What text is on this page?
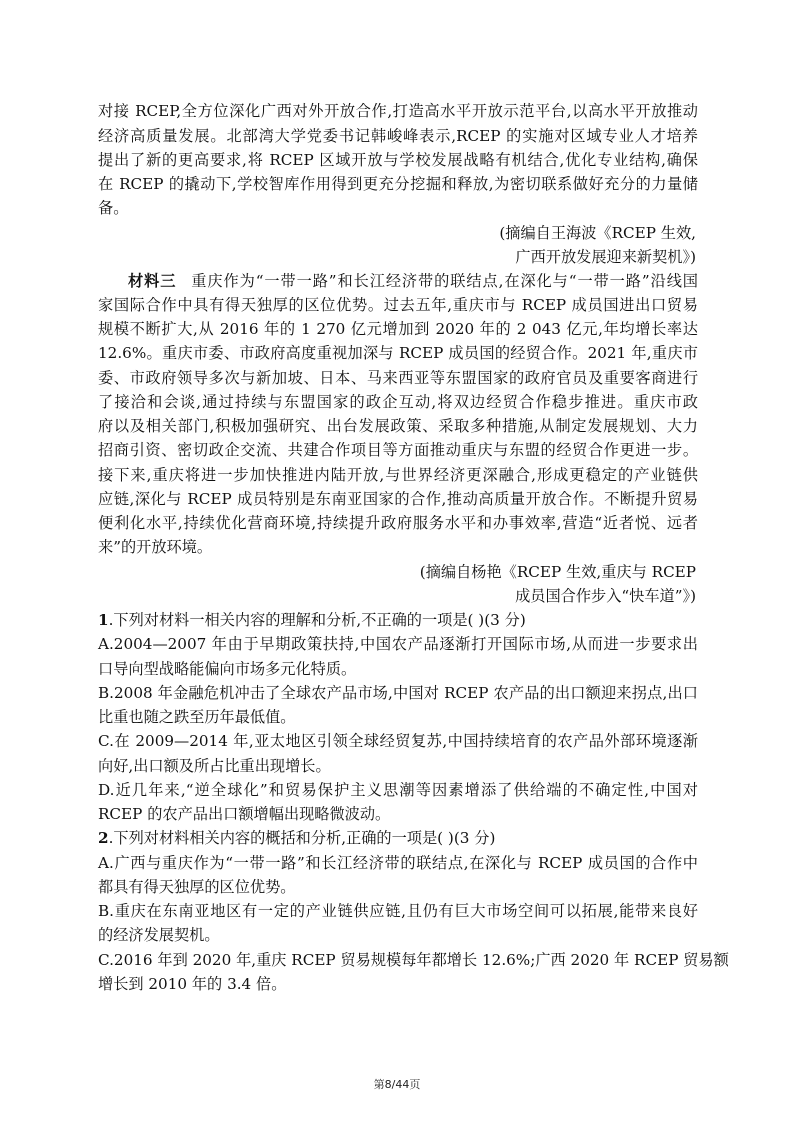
对接 RCEP,全方位深化广西对外开放合作,打造高水平开放示范平台,以高水平开放推动
经济高质量发展。北部湾大学党委书记韩峻峰表示,RCEP 的实施对区域专业人才培养
提出了新的更高要求,将 RCEP 区域开放与学校发展战略有机结合,优化专业结构,确保
在 RCEP 的撬动下,学校智库作用得到更充分挖掘和释放,为密切联系做好充分的力量储
备。
(摘编自王海波《RCEP 生效,
广西开放发展迎来新契机》)
材料三 重庆作为“一带一路”和长江经济带的联结点,在深化与“一带一路”沿线国
家国际合作中具有得天独厚的区位优势。过去五年,重庆市与 RCEP 成员国进出口贸易
规模不断扩大,从 2016 年的 1 270 亿元增加到 2020 年的 2 043 亿元,年均增长率达
12.6%。重庆市委、市政府高度重视加深与 RCEP 成员国的经贸合作。2021 年,重庆市
委、市政府领导多次与新加坡、日本、马来西亚等东盟国家的政府官员及重要客商进行
了接洽和会谈,通过持续与东盟国家的政企互动,将双边经贸合作稳步推进。重庆市政
府以及相关部门,积极加强研究、出台发展政策、采取多种措施,从制定发展规划、大力
招商引资、密切政企交流、共建合作项目等方面推动重庆与东盟的经贸合作更进一步。
接下来,重庆将进一步加快推进内陆开放,与世界经济更深融合,形成更稳定的产业链供
应链,深化与 RCEP 成员特别是东南亚国家的合作,推动高质量开放合作。不断提升贸易
便利化水平,持续优化营商环境,持续提升政府服务水平和办事效率,营造“近者悦、远者
来”的开放环境。
(摘编自杨艳《RCEP 生效,重庆与 RCEP
成员国合作步入“快车道”》)
1.下列对材料一相关内容的理解和分析,不正确的一项是( )(3 分)
A.2004—2007 年由于早期政策扶持,中国农产品逐渐打开国际市场,从而进一步要求出
口导向型战略能偏向市场多元化特质。
B.2008 年金融危机冲击了全球农产品市场,中国对 RCEP 农产品的出口额迎来拐点,出口
比重也随之跌至历年最低值。
C.在 2009—2014 年,亚太地区引领全球经贸复苏,中国持续培育的农产品外部环境逐渐
向好,出口额及所占比重出现增长。
D.近几年来,“逆全球化”和贸易保护主义思潮等因素增添了供给端的不确定性,中国对
RCEP 的农产品出口额增幅出现略微波动。
2.下列对材料相关内容的概括和分析,正确的一项是( )(3 分)
A.广西与重庆作为“一带一路”和长江经济带的联结点,在深化与 RCEP 成员国的合作中
都具有得天独厚的区位优势。
B.重庆在东南亚地区有一定的产业链供应链,且仍有巨大市场空间可以拓展,能带来良好
的经济发展契机。
C.2016 年到 2020 年,重庆 RCEP 贸易规模每年都增长 12.6%;广西 2020 年 RCEP 贸易额
增长到 2010 年的 3.4 倍。
第8/44页
